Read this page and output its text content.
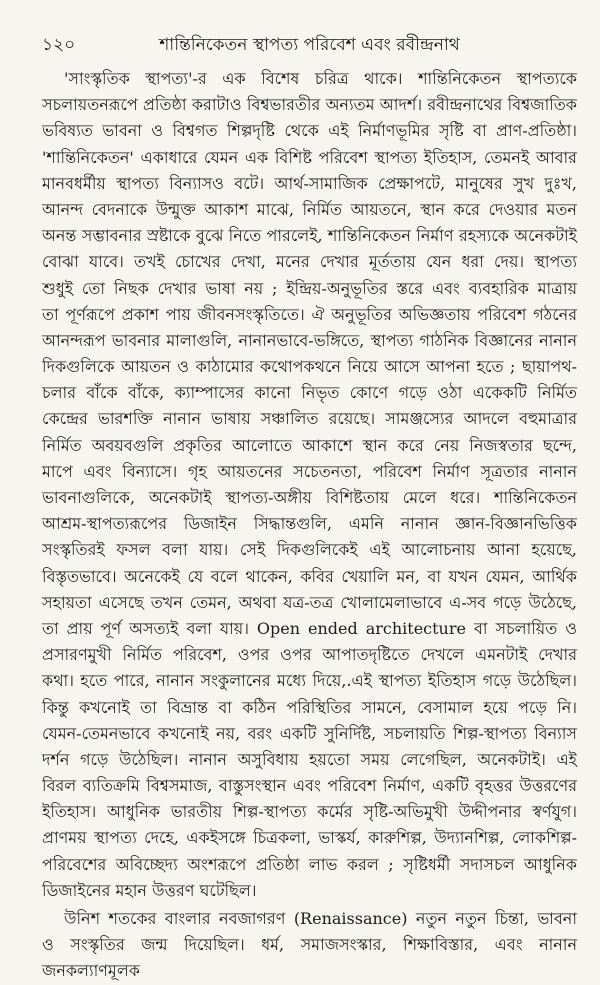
১২০	শান্তিনিকেতন স্থাপত্য পরিবেশ এবং রবীন্দ্রনাথ
'সাংস্কৃতিক স্থাপত্য'-র এক বিশেষ চরিত্র থাকে। শান্তিনিকেতন স্থাপত্যকে
সচলায়তনরূপে প্রতিষ্ঠা করাটাও বিশ্বভারতীর অন্যতম আদর্শ। রবীন্দ্রনাথের বিশ্বজাতিক
ভবিষ্যত ভাবনা ও বিশ্বগত শিল্পদৃষ্টি থেকে এই নির্মাণভূমির সৃষ্টি বা প্রাণ-প্রতিষ্ঠা।
'শান্তিনিকেতন' একাধারে যেমন এক বিশিষ্ট পরিবেশ স্থাপত্য ইতিহাস, তেমনই আবার
মানবধর্মীয় স্থাপত্য বিন্যাসও বটে। আর্থ-সামাজিক প্রেক্ষাপটে, মানুষের সুখ দুঃখ,
আনন্দ বেদনাকে উন্মুক্ত আকাশ মাঝে, নির্মিত আয়তনে, স্থান করে দেওয়ার মতন
অনন্ত সম্ভাবনার স্রষ্টাকে বুঝে নিতে পারলেই, শান্তিনিকেতন নির্মাণ রহস্যকে অনেকটাই
বোঝা যাবে। তখই চোখের দেখা, মনের দেখার মূর্ততায় যেন ধরা দেয়। স্থাপত্য
শুধুই তো নিছক দেখার ভাষা নয় ; ইন্দ্রিয়-অনুভূতির স্তরে এবং ব্যবহারিক মাত্রায়
তা পূর্ণরূপে প্রকাশ পায় জীবনসংস্কৃতিতে। ঐ অনুভূতির অভিজ্ঞতায় পরিবেশ গঠনের
আনন্দরূপ ভাবনার মালাগুলি, নানানভাবে-ভঙ্গিতে, স্থাপত্য গাঠনিক বিজ্ঞানের নানান
দিকগুলিকে আয়তন ও কাঠামোর কথোপকথনে নিয়ে আসে আপনা হতে ; ছায়াপথ-
চলার বাঁকে বাঁকে, ক্যাম্পাসের কানো নিভৃত কোণে গড়ে ওঠা একেকটি নির্মিত
কেন্দ্রের ভারশক্তি নানান ভাষায় সঞ্চালিত রয়েছে। সামঞ্জস্যের আদলে বহুমাত্রার
নির্মিত অবয়বগুলি প্রকৃতির আলোতে আকাশে স্থান করে নেয় নিজস্বতার ছন্দে,
মাপে এবং বিন্যাসে। গৃহ আয়তনের সচেতনতা, পরিবেশ নির্মাণ সূত্রতার নানান
ভাবনাগুলিকে, অনেকটাই স্থাপত্য-অঙ্গীয় বিশিষ্টতায় মেলে ধরে। শান্তিনিকেতন
আশ্রম-স্থাপত্যরূপের ডিজাইন সিদ্ধান্তগুলি, এমনি নানান জ্ঞান-বিজ্ঞানভিত্তিক
সংস্কৃতিরই ফসল বলা যায়। সেই দিকগুলিকেই এই আলোচনায় আনা হয়েছে,
বিস্তৃতভাবে। অনেকেই যে বলে থাকেন, কবির খেয়ালি মন, বা যখন যেমন, আর্থিক
সহায়তা এসেছে তখন তেমন, অথবা যত্র-তত্র খোলামেলাভাবে এ-সব গড়ে উঠেছে,
তা প্রায় পূর্ণ অসত্যই বলা যায়। Open ended architecture বা সচলায়িত ও
প্রসারণমুখী নির্মিত পরিবেশ, ওপর ওপর আপাতদৃষ্টিতে দেখলে এমনটাই দেখার
কথা। হতে পারে, নানান সংকুলানের মধ্যে দিয়ে,.এই স্থাপত্য ইতিহাস গড়ে উঠেছিল।
কিন্তু কখনোই তা বিভ্রান্ত বা কঠিন পরিস্থিতির সামনে, বেসামাল হয়ে পড়ে নি।
যেমন-তেমনভাবে কখনোই নয়, বরং একটি সুনির্দিষ্ট, সচলায়তি শিল্প-স্থাপত্য বিন্যাস
দর্শন গড়ে উঠেছিল। নানান অসুবিধায় হয়তো সময় লেগেছিল, অনেকটাই। এই
বিরল ব্যতিক্রমি বিশ্বসমাজ, বাস্তুসংস্থান এবং পরিবেশ নির্মাণ, একটি বৃহত্তর উত্তরণের
ইতিহাস। আধুনিক ভারতীয় শিল্প-স্থাপত্য কর্মের সৃষ্টি-অভিমুখী উদ্দীপনার স্বর্ণযুগ।
প্রাণময় স্থাপত্য দেহে, একইসঙ্গে চিত্রকলা, ভাস্কর্য, কারুশিল্প, উদ্যানশিল্প, লোকশিল্প-
পরিবেশের অবিচ্ছেদ্য অংশরূপে প্রতিষ্ঠা লাভ করল ; সৃষ্টিধর্মী সদাসচল আধুনিক
ডিজাইনের মহান উত্তরণ ঘটেছিল।
উনিশ শতকের বাংলার নবজাগরণ (Renaissance) নতুন নতুন চিন্তা, ভাবনা
ও সংস্কৃতির জন্ম দিয়েছিল। ধর্ম, সমাজসংস্কার, শিক্ষাবিস্তার, এবং নানান জনকল্যাণমূলক
